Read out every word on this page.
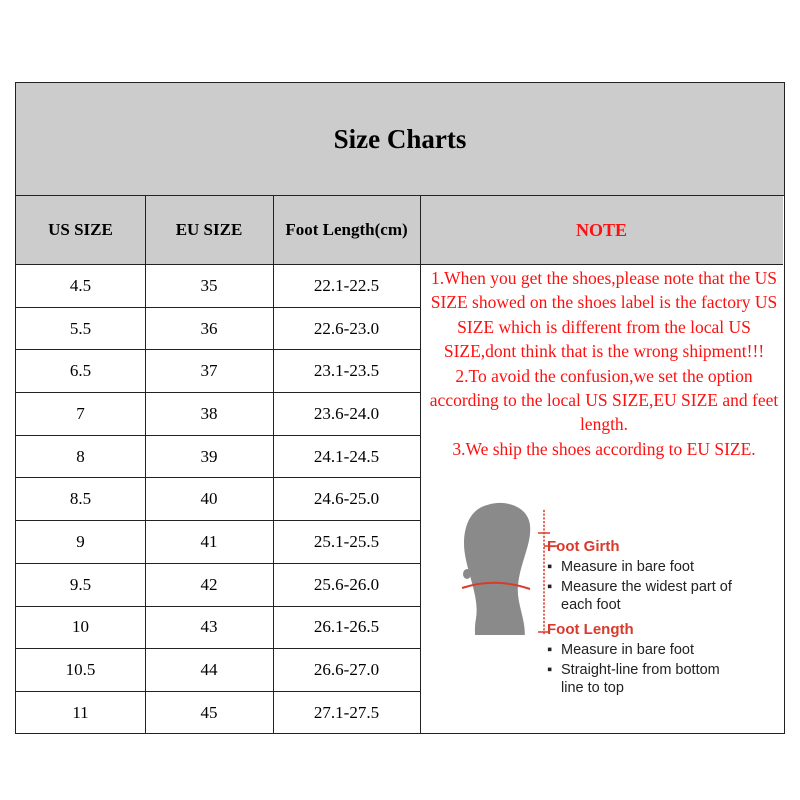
Size Charts
US SIZE	EU SIZE	Foot Length(cm)	NOTE
4.5	35	22.1-22.5
5.5	36	22.6-23.0
6.5	37	23.1-23.5
7	38	23.6-24.0
8	39	24.1-24.5
8.5	40	24.6-25.0
9	41	25.1-25.5
9.5	42	25.6-26.0
10	43	26.1-26.5
10.5	44	26.6-27.0
11	45	27.1-27.5

1.When you get the shoes,please note that the US SIZE showed on the shoes label is the factory US SIZE which is different from the local US SIZE,dont think that is the wrong shipment!!!

2.To avoid the confusion,we set the option according to the local US SIZE,EU SIZE and feet length.

3.We ship the shoes according to EU SIZE.

Foot Girth
▪ Measure in bare foot
▪ Measure the widest part of each foot
Foot Length
▪ Measure in bare foot
▪ Straight-line from bottom line to top
